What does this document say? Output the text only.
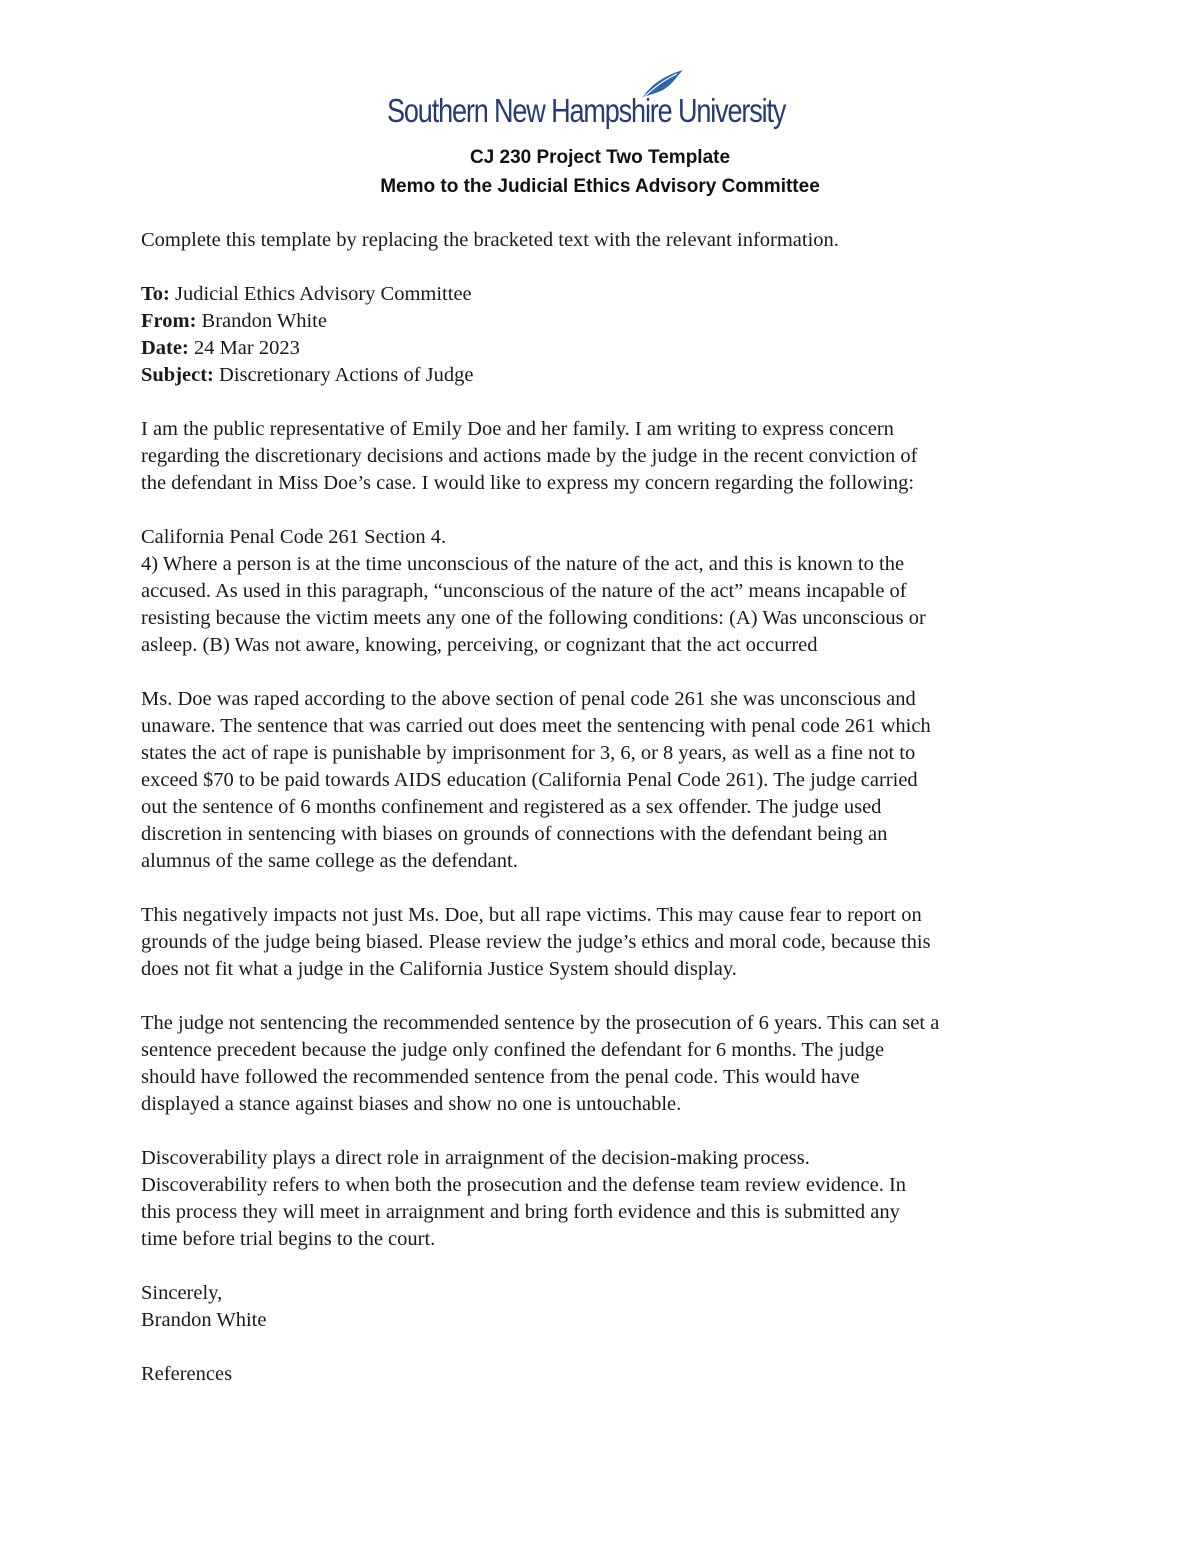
Southern New Hampshire University
CJ 230 Project Two Template
Memo to the Judicial Ethics Advisory Committee

Complete this template by replacing the bracketed text with the relevant information.

To: Judicial Ethics Advisory Committee

From: Brandon White

Date: 24 Mar 2023

Subject: Discretionary Actions of Judge

I am the public representative of Emily Doe and her family. I am writing to express concern

regarding the discretionary decisions and actions made by the judge in the recent conviction of

the defendant in Miss Doe’s case. I would like to express my concern regarding the following:

California Penal Code 261 Section 4.

4) Where a person is at the time unconscious of the nature of the act, and this is known to the

accused. As used in this paragraph, “unconscious of the nature of the act” means incapable of

resisting because the victim meets any one of the following conditions: (A) Was unconscious or

asleep. (B) Was not aware, knowing, perceiving, or cognizant that the act occurred

Ms. Doe was raped according to the above section of penal code 261 she was unconscious and

unaware. The sentence that was carried out does meet the sentencing with penal code 261 which

states the act of rape is punishable by imprisonment for 3, 6, or 8 years, as well as a fine not to

exceed $70 to be paid towards AIDS education (California Penal Code 261). The judge carried

out the sentence of 6 months confinement and registered as a sex offender. The judge used

discretion in sentencing with biases on grounds of connections with the defendant being an

alumnus of the same college as the defendant.

This negatively impacts not just Ms. Doe, but all rape victims. This may cause fear to report on

grounds of the judge being biased. Please review the judge’s ethics and moral code, because this

does not fit what a judge in the California Justice System should display.

The judge not sentencing the recommended sentence by the prosecution of 6 years. This can set a

sentence precedent because the judge only confined the defendant for 6 months. The judge

should have followed the recommended sentence from the penal code. This would have

displayed a stance against biases and show no one is untouchable.

Discoverability plays a direct role in arraignment of the decision-making process.

Discoverability refers to when both the prosecution and the defense team review evidence. In

this process they will meet in arraignment and bring forth evidence and this is submitted any

time before trial begins to the court.

Sincerely,

Brandon White

References
